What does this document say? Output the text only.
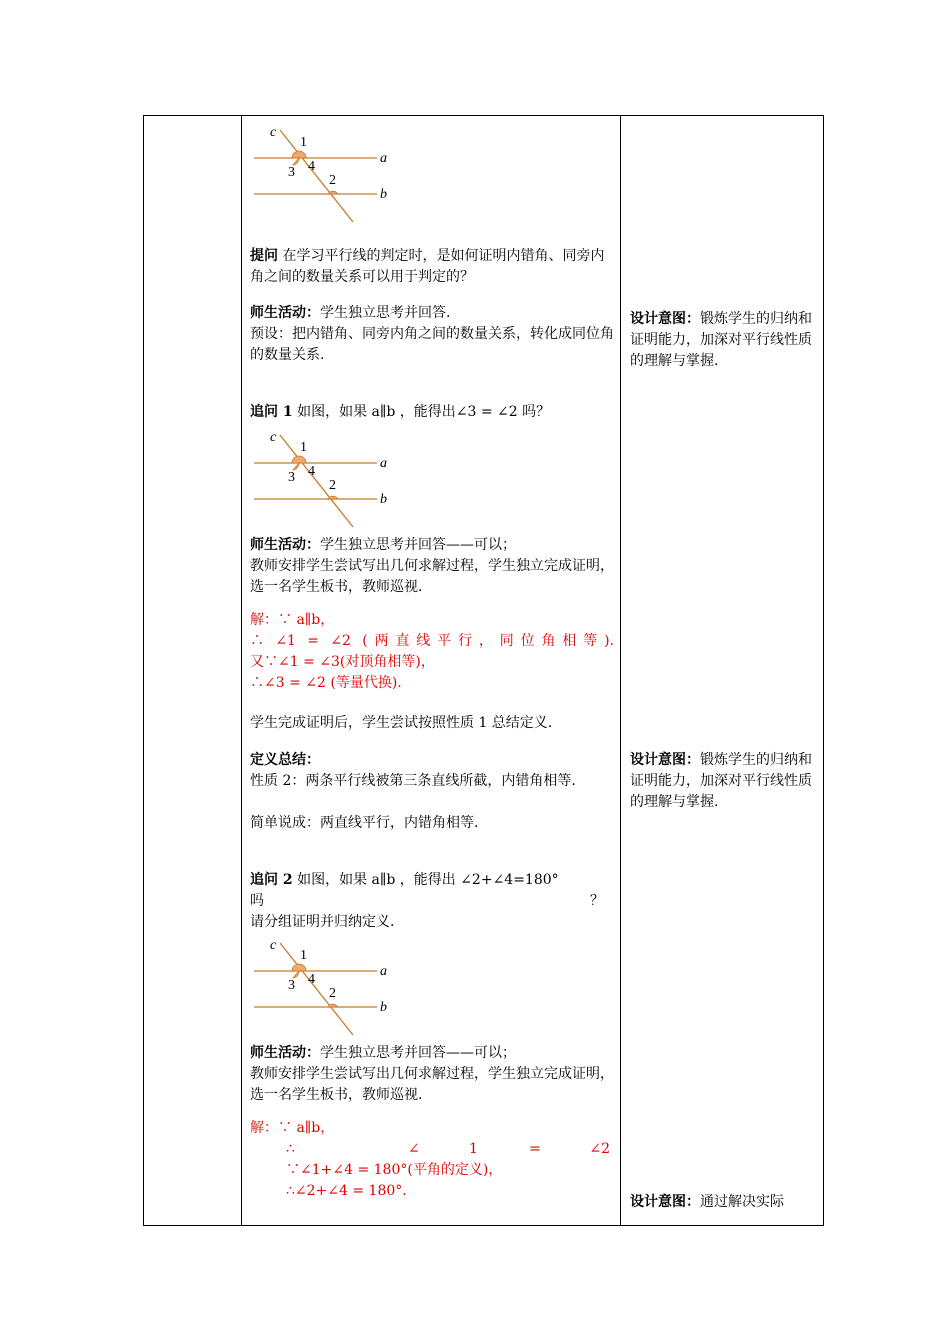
c
1
3 4
2
a
b

提问 在学习平行线的判定时，是如何证明内错角、同旁内角之间的数量关系可以用于判定的？

师生活动：学生独立思考并回答.

预设：把内错角、同旁内角之间的数量关系，转化成同位角的数量关系.

追问 1 如图，如果 a∥b ，能得出∠3 = ∠2 吗？

c
1
3 4
2
a
b

师生活动：学生独立思考并回答——可以；

教师安排学生尝试写出几何求解过程，学生独立完成证明，选一名学生板书，教师巡视.

解：∵ a∥b，

∴ ∠1 = ∠2 (两直线平行，同位角相等).

又∵∠1 = ∠3(对顶角相等)，

∴∠3 = ∠2 (等量代换).

学生完成证明后，学生尝试按照性质 1 总结定义.

定义总结：

性质 2：两条平行线被第三条直线所截，内错角相等.

简单说成：两直线平行，内错角相等.

追问 2 如图，如果 a∥b ，能得出 ∠2+∠4=180°

吗	？

请分组证明并归纳定义.

c
1
3 4
2
a
b

师生活动：学生独立思考并回答——可以；

教师安排学生尝试写出几何求解过程，学生独立完成证明，选一名学生板书，教师巡视.

解：∵ a∥b，

∴	∠	1	=	∠2

∵∠1+∠4 = 180°(平角的定义)，

∴∠2+∠4 = 180°.

设计意图：锻炼学生的归纳和证明能力，加深对平行线性质的理解与掌握.
设计意图：锻炼学生的归纳和证明能力，加深对平行线性质的理解与掌握.
设计意图：通过解决实际
